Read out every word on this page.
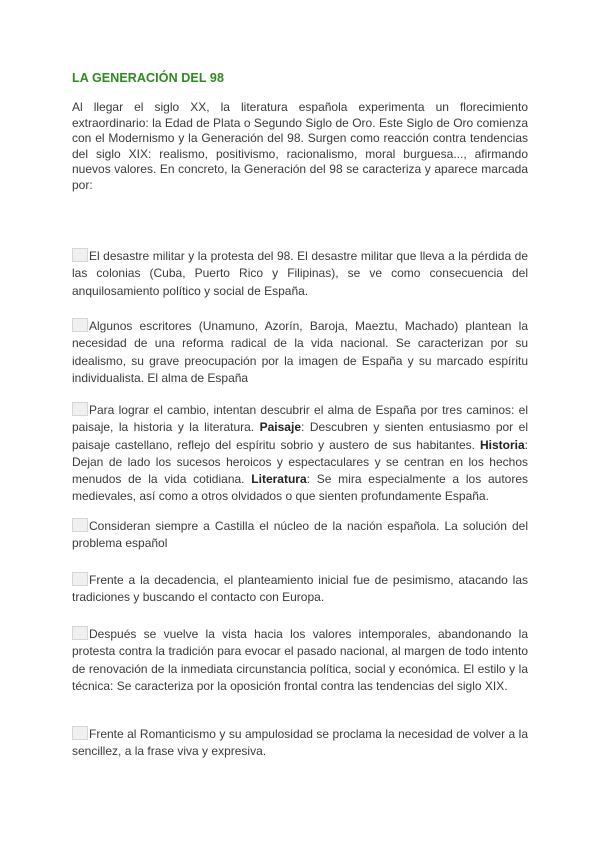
LA GENERACIÓN DEL 98

Al llegar el siglo XX, la literatura española experimenta un florecimiento extraordinario: la Edad de Plata o Segundo Siglo de Oro. Este Siglo de Oro comienza con el Modernismo y la Generación del 98. Surgen como reacción contra tendencias del siglo XIX: realismo, positivismo, racionalismo, moral burguesa..., afirmando nuevos valores. En concreto, la Generación del 98 se caracteriza y aparece marcada por:

El desastre militar y la protesta del 98. El desastre militar que lleva a la pérdida de las colonias (Cuba, Puerto Rico y Filipinas), se ve como consecuencia del anquilosamiento político y social de España.

Algunos escritores (Unamuno, Azorín, Baroja, Maeztu, Machado) plantean la necesidad de una reforma radical de la vida nacional. Se caracterizan por su idealismo, su grave preocupación por la imagen de España y su marcado espíritu individualista. El alma de España

Para lograr el cambio, intentan descubrir el alma de España por tres caminos: el paisaje, la historia y la literatura. Paisaje: Descubren y sienten entusiasmo por el paisaje castellano, reflejo del espíritu sobrio y austero de sus habitantes. Historia: Dejan de lado los sucesos heroicos y espectaculares y se centran en los hechos menudos de la vida cotidiana. Literatura: Se mira especialmente a los autores medievales, así como a otros olvidados o que sienten profundamente España.

Consideran siempre a Castilla el núcleo de la nación española. La solución del problema español

Frente a la decadencia, el planteamiento inicial fue de pesimismo, atacando las tradiciones y buscando el contacto con Europa.

Después se vuelve la vista hacia los valores intemporales, abandonando la protesta contra la tradición para evocar el pasado nacional, al margen de todo intento de renovación de la inmediata circunstancia política, social y económica. El estilo y la técnica: Se caracteriza por la oposición frontal contra las tendencias del siglo XIX.

Frente al Romanticismo y su ampulosidad se proclama la necesidad de volver a la sencillez, a la frase viva y expresiva.
